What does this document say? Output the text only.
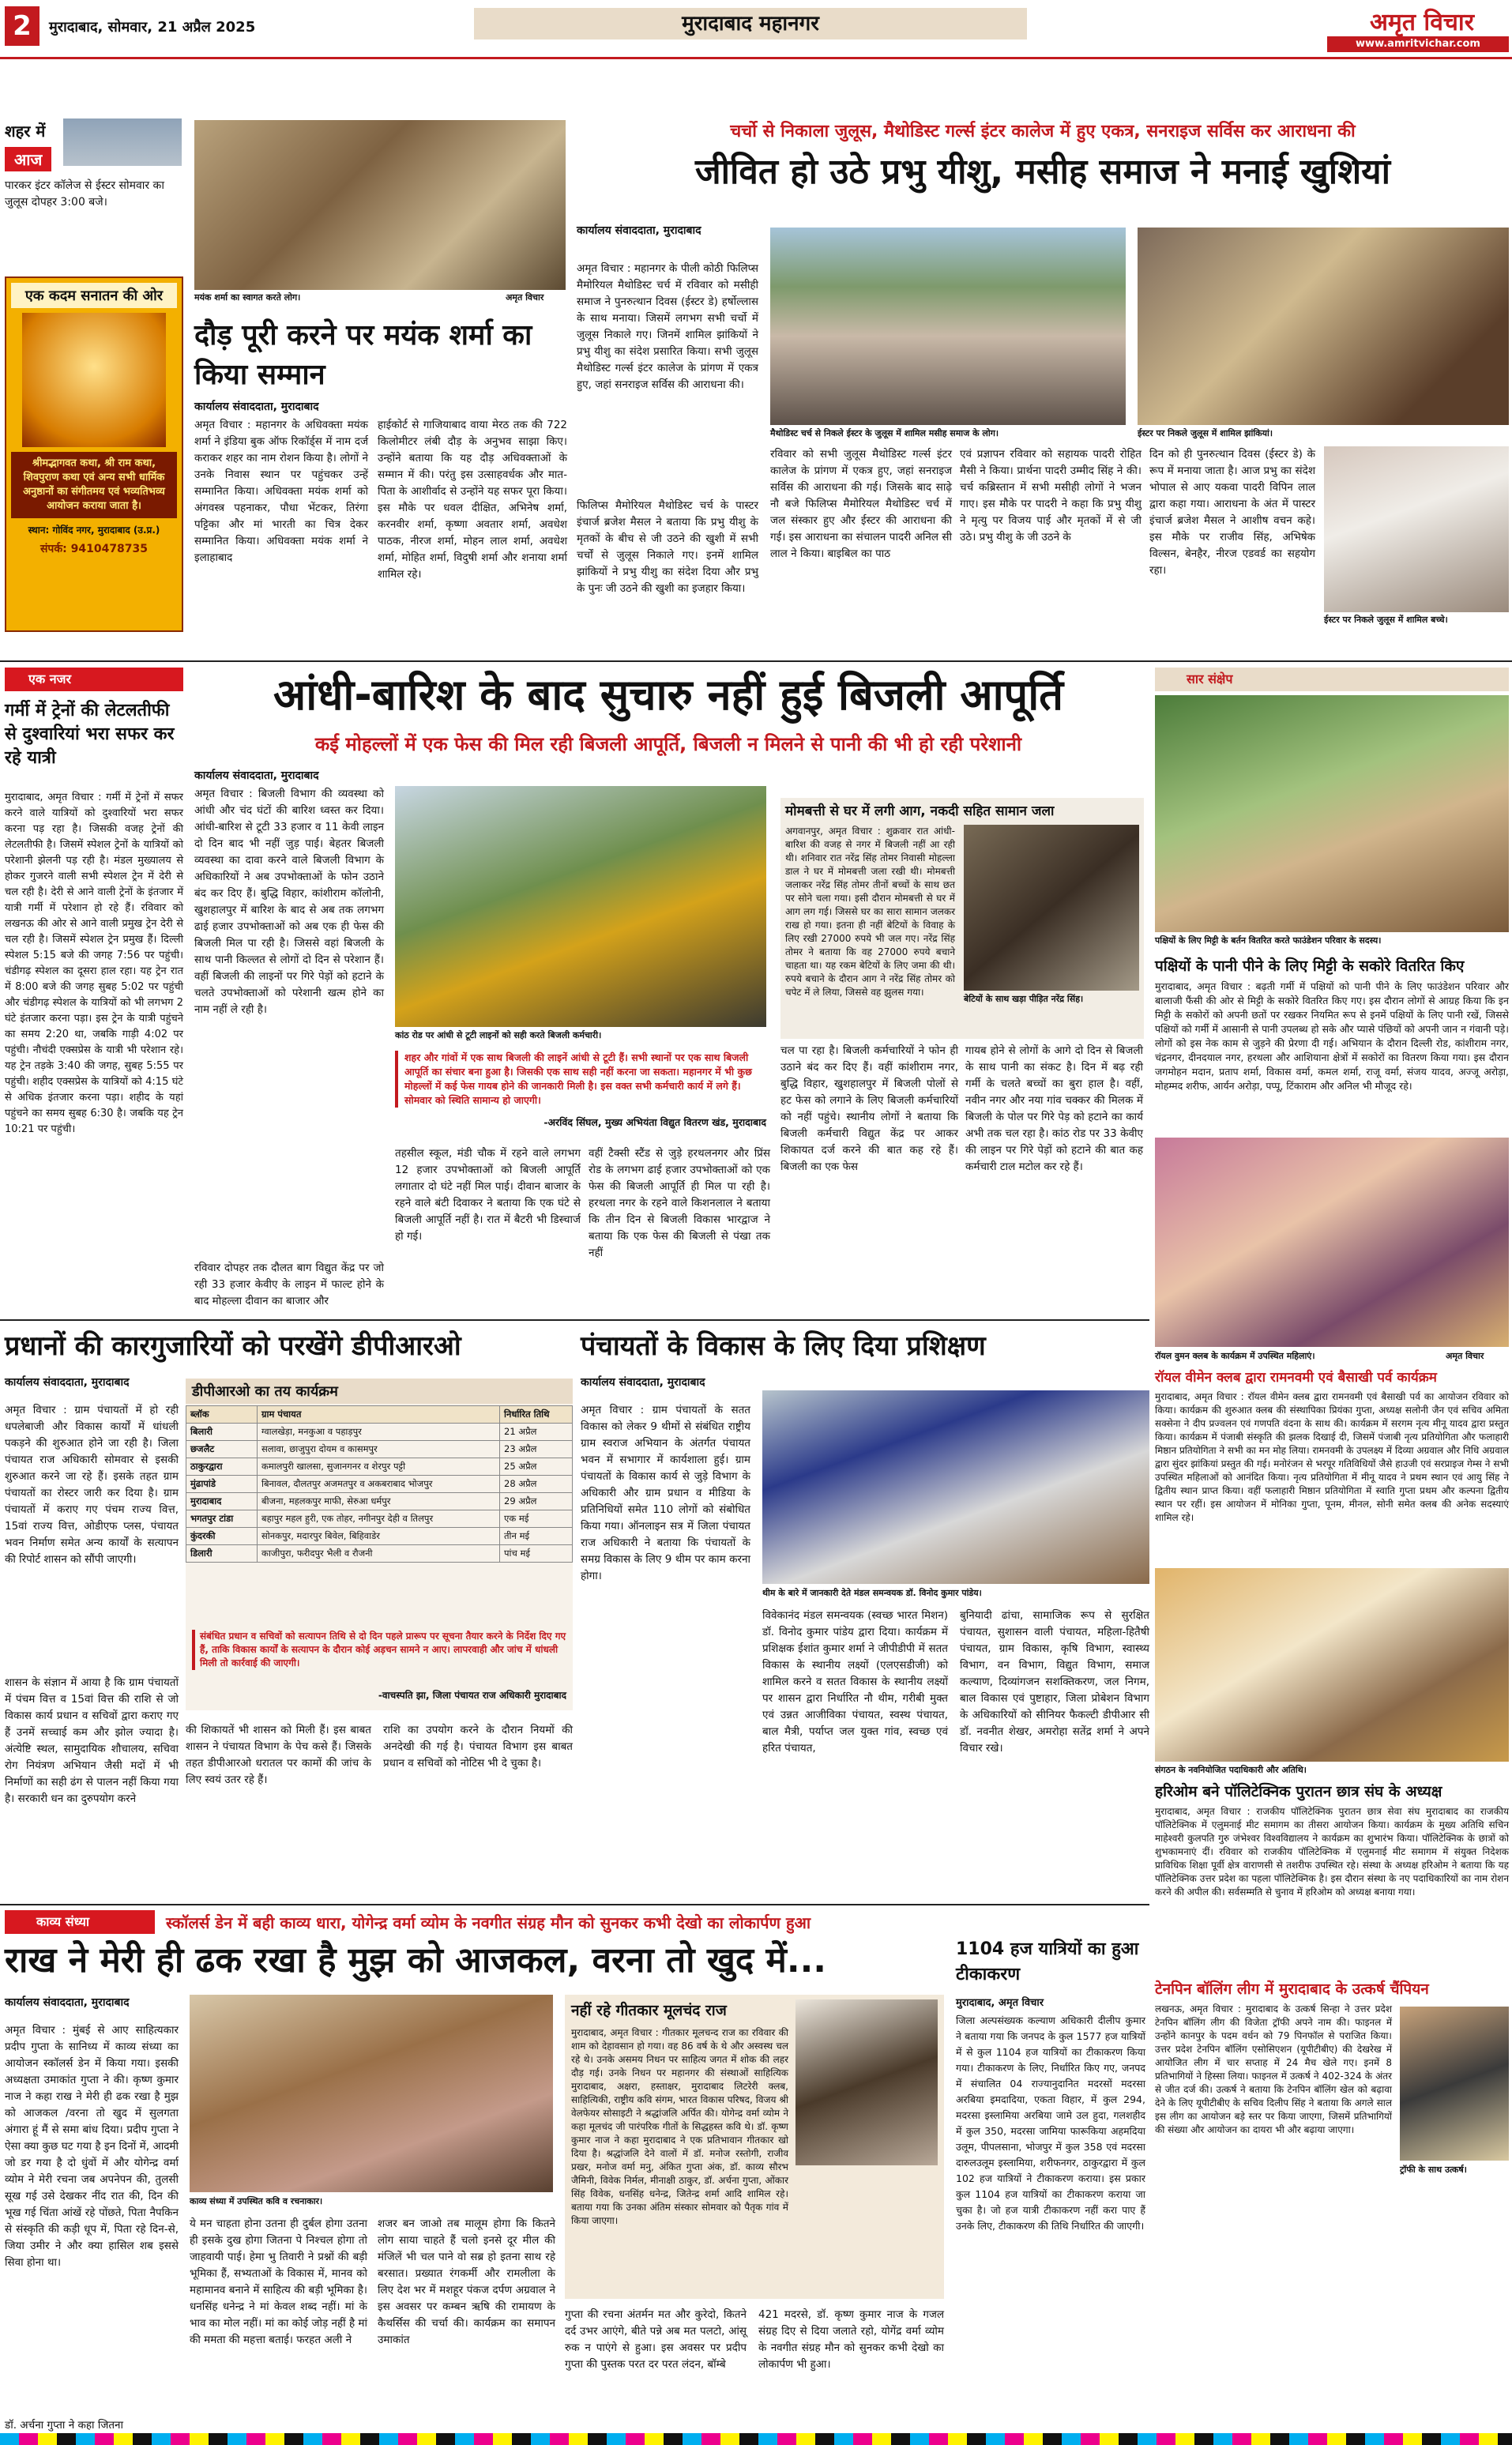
2	मुरादाबाद, सोमवार, 21 अप्रैल 2025	मुरादाबाद महानगर	अमृत विचार
www.amritvichar.com
शहर में
आज
पारकर इंटर कॉलेज से ईस्टर सोमवार का जुलूस दोपहर 3:00 बजे।
एक कदम सनातन की ओर
श्रीमद्भागवत कथा, श्री राम कथा, शिवपुराण कथा एवं अन्य सभी धार्मिक अनुष्ठानों का संगीतमय एवं भव्यतिभव्य आयोजन कराया जाता है।
स्थान: गोविंद नगर, मुरादाबाद (उ.प्र.)
संपर्क: 9410478735
मयंक शर्मा का स्वागत करते लोग।	अमृत विचार
दौड़ पूरी करने पर मयंक शर्मा का किया सम्मान
कार्यालय संवाददाता, मुरादाबाद
अमृत विचार : महानगर के अधिवक्ता मयंक शर्मा ने इंडिया बुक ऑफ रिकॉर्ड्स में नाम दर्ज कराकर शहर का नाम रोशन किया है। लोगों ने उनके निवास स्थान पर पहुंचकर उन्हें सम्मानित किया। अधिवक्ता मयंक शर्मा को अंगवस्त्र पहनाकर, पौधा भेंटकर, तिरंगा पट्टिका और मां भारती का चित्र देकर सम्मानित किया। अधिवक्ता मयंक शर्मा ने इलाहाबाद
हाईकोर्ट से गाजियाबाद वाया मेरठ तक की 722 किलोमीटर लंबी दौड़ के अनुभव साझा किए। उन्होंने बताया कि यह दौड़ अधिवक्ताओं के सम्मान में की। परंतु इस उत्साहवर्धक और मात-पिता के आशीर्वाद से उन्होंने यह सफर पूरा किया। इस मौके पर धवल दीक्षित, अभिनेष शर्मा, करनवीर शर्मा, कृष्णा अवतार शर्मा, अवधेश पाठक, नीरज शर्मा, मोहन लाल शर्मा, अवधेश शर्मा, मोहित शर्मा, विदुषी शर्मा और शनाया शर्मा शामिल रहे।
चर्चो से निकाला जुलूस, मैथोडिस्ट गर्ल्स इंटर कालेज में हुए एकत्र, सनराइज सर्विस कर आराधना की
जीवित हो उठे प्रभु यीशु, मसीह समाज ने मनाई खुशियां
कार्यालय संवाददाता, मुरादाबाद
अमृत विचार : महानगर के पीली कोठी फिलिप्स मैमोरियल मैथोडिस्ट चर्च में रविवार को मसीही समाज ने पुनरुत्थान दिवस (ईस्टर डे) हर्षोल्लास के साथ मनाया। जिसमें लगभग सभी चर्चो में जुलूस निकाले गए। जिनमें शामिल झांकियों ने प्रभु यीशु का संदेश प्रसारित किया। सभी जुलूस मैथोडिस्ट गर्ल्स इंटर कालेज के प्रांगण में एकत्र हुए, जहां सनराइज सर्विस की आराधना की।
फिलिप्स मैमोरियल मैथोडिस्ट चर्च के पास्टर इंचार्ज ब्रजेश मैसल ने बताया कि प्रभु यीशु के मृतकों के बीच से जी उठने की खुशी में सभी चर्चों से जुलूस निकाले गए। इनमें शामिल झांकियों ने प्रभु यीशु का संदेश दिया और प्रभु के पुनः जी उठने की खुशी का इजहार किया।
मैथोडिस्ट चर्च से निकले ईस्टर के जुलूस में शामिल मसीह समाज के लोग।	ईस्टर पर निकले जुलूस में शामिल झांकियां।
रविवार को सभी जुलूस मैथोडिस्ट गर्ल्स इंटर कालेज के प्रांगण में एकत्र हुए, जहां सनराइज सर्विस की आराधना की गई। जिसके बाद साढ़े नौ बजे फिलिप्स मैमोरियल मैथोडिस्ट चर्च में जल संस्कार हुए और ईस्टर की आराधना की गई। इस आराधना का संचालन पादरी अनिल सी लाल ने किया। बाइबिल का पाठ
एवं प्रज्ञापन रविवार को सहायक पादरी रोहित मैसी ने किया। प्रार्थना पादरी उम्मीद सिंह ने की। चर्च कब्रिस्तान में सभी मसीही लोगों ने भजन गाए। इस मौके पर पादरी ने कहा कि प्रभु यीशु ने मृत्यु पर विजय पाई और मृतकों में से जी उठे। प्रभु यीशु के जी उठने के
दिन को ही पुनरुत्थान दिवस (ईस्टर डे) के रूप में मनाया जाता है। आज प्रभु का संदेश भोपाल से आए यकवा पादरी विपिन लाल द्वारा कहा गया। आराधना के अंत में पास्टर इंचार्ज ब्रजेश मैसल ने आशीष वचन कहे। इस मौके पर राजीव सिंह, अभिषेक विल्सन, बेनहैर, नीरज एडवर्ड का सहयोग रहा।
ईस्टर पर निकले जुलूस में शामिल बच्चे।
एक नजर
गर्मी में ट्रेनों की लेटलतीफी से दुश्वारियां भरा सफर कर रहे यात्री
मुरादाबाद, अमृत विचार : गर्मी में ट्रेनों में सफर करने वाले यात्रियों को दुश्वारियों भरा सफर करना पड़ रहा है। जिसकी वजह ट्रेनों की लेटलतीफी है। जिसमें स्पेशल ट्रेनों के यात्रियों को परेशानी झेलनी पड़ रही है। मंडल मुख्यालय से होकर गुजरने वाली सभी स्पेशल ट्रेन में देरी से चल रही है। देरी से आने वाली ट्रेनों के इंतजार में यात्री गर्मी में परेशान हो रहे हैं। रविवार को लखनऊ की ओर से आने वाली प्रमुख ट्रेन देरी से चल रही है। जिसमें स्पेशल ट्रेन प्रमुख हैं। दिल्ली स्पेशल 5:15 बजे की जगह 7:56 पर पहुंची। चंडीगढ़ स्पेशल का दूसरा हाल रहा। यह ट्रेन रात में 8:00 बजे की जगह सुबह 5:02 पर पहुंची और चंडीगढ़ स्पेशल के यात्रियों को भी लगभग 2 घंटे इंतजार करना पड़ा। इस ट्रेन के यात्री पहुंचने का समय 2:20 था, जबकि गाड़ी 4:02 पर पहुंची। नौचंदी एक्सप्रेस के यात्री भी परेशान रहे। यह ट्रेन तड़के 3:40 की जगह, सुबह 5:55 पर पहुंची। शहीद एक्सप्रेस के यात्रियों को 4:15 घंटे से अधिक इंतजार करना पड़ा। शहीद के यहां पहुंचने का समय सुबह 6:30 है। जबकि यह ट्रेन 10:21 पर पहुंची।
आंधी-बारिश के बाद सुचारु नहीं हुई बिजली आपूर्ति
कई मोहल्लों में एक फेस की मिल रही बिजली आपूर्ति, बिजली न मिलने से पानी की भी हो रही परेशानी
कार्यालय संवाददाता, मुरादाबाद
अमृत विचार : बिजली विभाग की व्यवस्था को आंधी और चंद घंटों की बारिश ध्वस्त कर दिया। आंधी-बारिश से टूटी 33 हजार व 11 केवी लाइन दो दिन बाद भी नहीं जुड़ पाई। बेहतर बिजली व्यवस्था का दावा करने वाले बिजली विभाग के अधिकारियों ने अब उपभोक्ताओं के फोन उठाने बंद कर दिए हैं। बुद्धि विहार, कांशीराम कॉलोनी, खुशहालपुर में बारिश के बाद से अब तक लगभग ढाई हजार उपभोक्ताओं को अब एक ही फेस की बिजली मिल पा रही है। जिससे वहां बिजली के साथ पानी किल्लत से लोगों दो दिन से परेशान हैं। वहीं बिजली की लाइनों पर गिरे पेड़ों को हटाने के चलते उपभोक्ताओं को परेशानी खत्म होने का नाम नहीं ले रही है।
रविवार दोपहर तक दौलत बाग विद्युत केंद्र पर जो रही 33 हजार केवीए के लाइन में फाल्ट होने के बाद मोहल्ला दीवान का बाजार और
कांठ रोड पर आंधी से टूटी लाइनों को सही करते बिजली कर्मचारी।
शहर और गांवों में एक साथ बिजली की लाइनें आंधी से टूटी हैं। सभी स्थानों पर एक साथ बिजली आपूर्ति का संचार बना हुआ है। जिसकी एक साथ सही नहीं करना जा सकता। महानगर में भी कुछ मोहल्लों में कई फेस गायब होने की जानकारी मिली है। इस वक्त सभी कर्मचारी कार्य में लगे हैं। सोमवार को स्थिति सामान्य हो जाएगी।
-अरविंद सिंघल, मुख्य अभियंता विद्युत वितरण खंड, मुरादाबाद
तहसील स्कूल, मंडी चौक में रहने वाले लगभग 12 हजार उपभोक्ताओं को बिजली आपूर्ति लगातार दो घंटे नहीं मिल पाई। दीवान बाजार के रहने वाले बंटी दिवाकर ने बताया कि एक घंटे से बिजली आपूर्ति नहीं है। रात में बैटरी भी डिस्चार्ज हो गई।
वहीं टैक्सी स्टैंड से जुड़े हरथलनगर और प्रिंस रोड के लगभग ढाई हजार उपभोक्ताओं को एक फेस की बिजली आपूर्ति ही मिल पा रही है। हरथला नगर के रहने वाले किशनलाल ने बताया कि तीन दिन से बिजली विकास भारद्वाज ने बताया कि एक फेस की बिजली से पंखा तक नहीं
चल पा रहा है। बिजली कर्मचारियों ने फोन ही उठाने बंद कर दिए हैं। वहीं कांशीराम नगर, बुद्धि विहार, खुशहालपुर में बिजली पोलों से हट फेस को लगाने के लिए बिजली कर्मचारियों को नहीं पहुंचे। स्थानीय लोगों ने बताया कि बिजली कर्मचारी विद्युत केंद्र पर आकर शिकायत दर्ज करने की बात कह रहे हैं। बिजली का एक फेस
गायब होने से लोगों के आगे दो दिन से बिजली के साथ पानी का संकट है। दिन में बढ़ रही गर्मी के चलते बच्चों का बुरा हाल है। वहीं, नवीन नगर और नया गांव चक्कर की मिलक में बिजली के पोल पर गिरे पेड़ को हटाने का कार्य अभी तक चल रहा है। कांठ रोड पर 33 केवीए की लाइन पर गिरे पेड़ों को हटाने की बात कह कर्मचारी टाल मटोल कर रहे हैं।
मोमबत्ती से घर में लगी आग, नकदी सहित सामान जला
अगवानपुर, अमृत विचार : शुक्रवार रात आंधी-बारिश की वजह से नगर में बिजली नहीं आ रही थी। शनिवार रात नरेंद्र सिंह तोमर निवासी मोहल्ला डाल ने घर में मोमबत्ती जला रखी थी। मोमबत्ती जलाकर नरेंद्र सिंह तोमर तीनों बच्चों के साथ छत पर सोने चला गया। इसी दौरान मोमबत्ती से घर में आग लग गई। जिससे घर का सारा सामान जलकर राख हो गया। इतना ही नहीं बेटियों के विवाह के लिए रखी 27000 रुपये भी जल गए। नरेंद्र सिंह तोमर ने बताया कि वह 27000 रुपये बचाने चाहता था। यह रकम बेटियों के लिए जमा की थी। रुपये बचाने के दौरान आग ने नरेंद्र सिंह तोमर को चपेट में ले लिया, जिससे वह झुलस गया।
बेटियों के साथ खड़ा पीड़ित नरेंद्र सिंह।
सार संक्षेप
पक्षियों के लिए मिट्टी के बर्तन वितरित करते फाउंडेशन परिवार के सदस्य।
पक्षियों के पानी पीने के लिए मिट्टी के सकोरे वितरित किए
मुरादाबाद, अमृत विचार : बढ़ती गर्मी में पक्षियों को पानी पीने के लिए फाउंडेशन परिवार और बालाजी फैंसी की ओर से मिट्टी के सकोरे वितरित किए गए। इस दौरान लोगों से आग्रह किया कि इन मिट्टी के सकोरों को अपनी छतों पर रखकर नियमित रूप से इनमें पक्षियों के लिए पानी रखें, जिससे पक्षियों को गर्मी में आसानी से पानी उपलब्ध हो सके और प्यासे पंछियों को अपनी जान न गंवानी पड़े। लोगों को इस नेक काम से जुड़ने की प्रेरणा दी गई। अभियान के दौरान दिल्ली रोड, कांशीराम नगर, चंद्रनगर, दीनदयाल नगर, हरथला और आशियाना क्षेत्रों में सकोरों का वितरण किया गया। इस दौरान जगमोहन मदान, प्रताप शर्मा, विकास वर्मा, कमल शर्मा, राजू वर्मा, संजय यादव, अज्जू अरोड़ा, मोहम्मद शरीफ, आर्यन अरोड़ा, पप्पू, टिंकाराम और अनिल भी मौजूद रहे।
रॉयल वुमन क्लब के कार्यक्रम में उपस्थित महिलाएं।	अमृत विचार
रॉयल वीमेन क्लब द्वारा रामनवमी एवं बैसाखी पर्व कार्यक्रम
मुरादाबाद, अमृत विचार : रॉयल वीमेन क्लब द्वारा रामनवमी एवं बैसाखी पर्व का आयोजन रविवार को किया। कार्यक्रम की शुरुआत क्लब की संस्थापिका प्रियंका गुप्ता, अध्यक्ष सलोनी जैन एवं सचिव अमिता सक्सेना ने दीप प्रज्वलन एवं गणपति वंदना के साथ की। कार्यक्रम में सरगम नृत्य मीनू यादव द्वारा प्रस्तुत किया। कार्यक्रम में पंजाबी संस्कृति की झलक दिखाई दी, जिसमें पंजाबी नृत्य प्रतियोगिता और फलाहारी मिष्ठान प्रतियोगिता ने सभी का मन मोह लिया। रामनवमी के उपलक्ष्य में दिव्या अग्रवाल और निधि अग्रवाल द्वारा सुंदर झांकियां प्रस्तुत की गई। मनोरंजन से भरपूर गतिविधियों जैसे हाउजी एवं सरप्राइज गेम्स ने सभी उपस्थित महिलाओं को आनंदित किया। नृत्य प्रतियोगिता में मीनू यादव ने प्रथम स्थान एवं आयु सिंह ने द्वितीय स्थान प्राप्त किया। वहीं फलाहारी मिष्ठान प्रतियोगिता में स्वाति गुप्ता प्रथम और कल्पना द्वितीय स्थान पर रहीं। इस आयोजन में मोनिका गुप्ता, पूनम, मीनल, सोनी समेत क्लब की अनेक सदस्याएं शामिल रहे।
संगठन के नवनियोजित पदाधिकारी और अतिथि।
हरिओम बने पॉलिटेक्निक पुरातन छात्र संघ के अध्यक्ष
मुरादाबाद, अमृत विचार : राजकीय पॉलिटेक्निक पुरातन छात्र सेवा संघ मुरादाबाद का राजकीय पॉलिटेक्निक में एलुमनाई मीट समागम का तीसरा आयोजन किया। कार्यक्रम के मुख्य अतिथि सचिन माहेश्वरी कुलपति गुरु जंभेश्वर विश्वविद्यालय ने कार्यक्रम का शुभारंभ किया। पॉलिटेक्निक के छात्रों को शुभकामनाएं दीं। रविवार को राजकीय पॉलिटेक्निक में एलुमनाई मीट समागम में संयुक्त निदेशक प्राविधिक शिक्षा पूर्वी क्षेत्र वाराणसी से तशरीफ उपस्थित रहे। संस्था के अध्यक्ष हरिओम ने बताया कि यह पॉलिटेक्निक उत्तर प्रदेश का पहला पॉलिटेक्निक है। इस दौरान संस्था के नए पदाधिकारियों का नाम रोशन करने की अपील की। सर्वसम्मति से चुनाव में हरिओम को अध्यक्ष बनाया गया।
टेनपिन बॉलिंग लीग में मुरादाबाद के उत्कर्ष चैंपियन
लखनऊ, अमृत विचार : मुरादाबाद के उत्कर्ष सिन्हा ने उत्तर प्रदेश टेनपिन बॉलिंग लीग की विजेता ट्रॉफी अपने नाम की। फाइनल में उन्होंने कानपुर के पदम वर्धन को 79 पिनफॉल से पराजित किया। उत्तर प्रदेश टेनपिन बॉलिंग एसोसिएशन (यूपीटीबीए) की देखरेख में आयोजित लीग में चार सप्ताह में 24 मैच खेले गए। इनमें 8 प्रतिभागियों ने हिस्सा लिया। फाइनल में उत्कर्ष ने 402-324 के अंतर से जीत दर्ज की। उत्कर्ष ने बताया कि टेनपिन बॉलिंग खेल को बढ़ावा देने के लिए यूपीटीबीए के सचिव दिलीप सिंह ने बताया कि अगले साल इस लीग का आयोजन बड़े स्तर पर किया जाएगा, जिसमें प्रतिभागियों की संख्या और आयोजन का दायरा भी और बढ़ाया जाएगा।
ट्रॉफी के साथ उत्कर्ष।
प्रधानों की कारगुजारियों को परखेंगे डीपीआरओ
कार्यालय संवाददाता, मुरादाबाद
अमृत विचार : ग्राम पंचायतों में हो रही धपलेबाजी और विकास कार्यों में धांधली पकड़ने की शुरुआत होने जा रही है। जिला पंचायत राज अधिकारी सोमवार से इसकी शुरुआत करने जा रहे हैं। इसके तहत ग्राम पंचायतों का रोस्टर जारी कर दिया है। ग्राम पंचायतों में कराए गए पंचम राज्य वित्त, 15वां राज्य वित्त, ओडीएफ प्लस, पंचायत भवन निर्माण समेत अन्य कार्यों के सत्यापन की रिपोर्ट शासन को सौंपी जाएगी।
शासन के संज्ञान में आया है कि ग्राम पंचायतों में पंचम वित्त व 15वां वित्त की राशि से जो विकास कार्य प्रधान व सचिवों द्वारा कराए गए हैं उनमें सच्चाई कम और झोल ज्यादा है। अंत्येष्टि स्थल, सामुदायिक शौचालय, सचिवा रोग नियंत्रण अभियान जैसी मदों में भी निर्माणों का सही ढंग से पालन नहीं किया गया है। सरकारी धन का दुरुपयोग करने
डीपीआरओ का तय कार्यक्रम
ब्लॉक	ग्राम पंचायत	निर्धारित तिथि
बिलारी	ग्वालखेड़ा, मनकुआ व पहाड़पुर	21 अप्रैल
छजलैट	सलावा, छाजुपुरा दोयम व कासमपुर	23 अप्रैल
ठाकुरद्वारा	कमालपुरी खालसा, सुजानगनर व शेरपुर पट्टी	25 अप्रैल
मुंढापांडे	बिनावल, दौलतपुर अजमतपुर व अकबराबाद भोजपुर	28 अप्रैल
मुरादाबाद	बीजना, महलकपुर माफी, सेरुआ धर्मपुर	29 अप्रैल
भगतपुर टांडा	बहापुर महल हुरी, एक तोहर, नगीनपुर देही व तिलपुर	एक मई
कुंदरकी	सोनकपुर, मदारपुर बिवेल, बिहिवाडेर	तीन मई
डिलारी	काजीपुरा, फरीदपुर भैली व रौजनी	पांच मई
संबंधित प्रधान व सचिवों को सत्यापन तिथि से दो दिन पहले प्रारूप पर सूचना तैयार करने के निर्देश दिए गए हैं, ताकि विकास कार्यों के सत्यापन के दौरान कोई अड़चन सामने न आए। लापरवाही और जांच में धांधली मिली तो कार्रवाई की जाएगी।
-वाचस्पति झा, जिला पंचायत राज अधिकारी मुरादाबाद
की शिकायतें भी शासन को मिली हैं। इस बाबत शासन ने पंचायत विभाग के पेच कसे हैं। जिसके तहत डीपीआरओ धरातल पर कामों की जांच के लिए स्वयं उतर रहे हैं।
राशि का उपयोग करने के दौरान नियमों की अनदेखी की गई है। पंचायत विभाग इस बाबत प्रधान व सचिवों को नोटिस भी दे चुका है।
पंचायतों के विकास के लिए दिया प्रशिक्षण
कार्यालय संवाददाता, मुरादाबाद
अमृत विचार : ग्राम पंचायतों के सतत विकास को लेकर 9 थीमों से संबंधित राष्ट्रीय ग्राम स्वराज अभियान के अंतर्गत पंचायत भवन में सभागार में कार्यशाला हुई। ग्राम पंचायतों के विकास कार्य से जुड़े विभाग के अधिकारी और ग्राम प्रधान व मीडिया के प्रतिनिधियों समेत 110 लोगों को संबोधित किया गया। ऑनलाइन सत्र में जिला पंचायत राज अधिकारी ने बताया कि पंचायतों के समग्र विकास के लिए 9 थीम पर काम करना होगा।
थीम के बारे में जानकारी देते मंडल समन्वयक डॉ. विनोद कुमार पांडेय।
विवेकानंद मंडल समन्वयक (स्वच्छ भारत मिशन) डॉ. विनोद कुमार पांडेय द्वारा दिया। कार्यक्रम में प्रशिक्षक ईशांत कुमार शर्मा ने जीपीडीपी में सतत विकास के स्थानीय लक्ष्यों (एलएसडीजी) को शामिल करने व सतत विकास के स्थानीय लक्ष्यों पर शासन द्वारा निर्धारित नौ थीम, गरीबी मुक्त एवं उन्नत आजीविका पंचायत, स्वस्थ पंचायत, बाल मैत्री, पर्याप्त जल युक्त गांव, स्वच्छ एवं हरित पंचायत,
बुनियादी ढांचा, सामाजिक रूप से सुरक्षित पंचायत, सुशासन वाली पंचायत, महिला-हितैषी पंचायत, ग्राम विकास, कृषि विभाग, स्वास्थ्य विभाग, वन विभाग, विद्युत विभाग, समाज कल्याण, दिव्यांगजन सशक्तिकरण, जल निगम, बाल विकास एवं पुष्टाहार, जिला प्रोबेशन विभाग के अधिकारियों को सीनियर फैकल्टी डीपीआर सी डॉ. नवनीत शेखर, अमरोहा सतेंद्र शर्मा ने अपने विचार रखे।
काव्य संध्या	स्कॉलर्स डेन में बही काव्य धारा, योगेन्द्र वर्मा व्योम के नवगीत संग्रह मौन को सुनकर कभी देखो का लोकार्पण हुआ
राख ने मेरी ही ढक रखा है मुझ को आजकल, वरना तो खुद में...
कार्यालय संवाददाता, मुरादाबाद
अमृत विचार : मुंबई से आए साहित्यकार प्रदीप गुप्ता के सानिध्य में काव्य संध्या का आयोजन स्कॉलर्स डेन में किया गया। इसकी अध्यक्षता उमाकांत गुप्ता ने की। कृष्ण कुमार नाज ने कहा राख ने मेरी ही ढक रखा है मुझ को आजकल /वरना तो खुद में सुलगता अंगारा हूं मैं से समा बांध दिया। प्रदीप गुप्ता ने ऐसा क्या कुछ घट गया है इन दिनों में, आदमी जो डर गया है दो धुंवों में और योगेन्द्र वर्मा व्योम ने मेरी रचना जब अपनेपन की, तुलसी सूख गई उसे देखकर नींद रात की, दिन की भूख गई चिंता आंखें रहे पोंछते, पिता नैपकिन से संस्कृति की कड़ी धूप में, पिता रहे दिन-से, जिया उमीर ने और क्या हासिल शब इससे सिवा होना था।
डॉ. अर्चना गुप्ता ने कहा जितना
काव्य संध्या में उपस्थित कवि व रचनाकार।
ये मन चाहता होना उतना ही दुर्बल होगा उतना ही इसके दुख होगा जितना पे निश्चल होगा तो जाहवायी पाई। हेमा भु तिवारी ने प्रश्नों की बड़ी भूमिका हैं, सभ्यताओं के विकास में, मानव को महामानव बनाने में साहित्य की बड़ी भूमिका है। धनसिंह धनेन्द्र ने मां केवल शब्द नहीं। मां के भाव का मोल नहीं। मां का कोई जोड़ नहीं है मां की ममता की महत्ता बताई। फरहत अली ने
शजर बन जाओ तब मालूम होगा कि कितने लोग साया चाहते हैं चलो इनसे दूर मील की मंजिलें भी चल पाने वो सब्र हो इतना साथ रहे बरसात। प्रख्यात रंगकर्मी और रामलीला के लिए देश भर में मशहूर पंकज दर्पण अग्रवाल ने इस अवसर पर कम्बन ऋषि की रामायण के कैथर्सिस की चर्चा की। कार्यक्रम का समापन उमाकांत
नहीं रहे गीतकार मूलचंद राज
मुरादाबाद, अमृत विचार : गीतकार मूलचन्द राज का रविवार की शाम को देहावसान हो गया। वह 86 वर्ष के थे और अस्वस्थ चल रहे थे। उनके असमय निधन पर साहित्य जगत में शोक की लहर दौड़ गई। उनके निधन पर महानगर की संस्थाओं साहित्यिक मुरादाबाद, अक्षरा, हस्ताक्षर, मुरादाबाद लिटरेरी क्लब, साहित्यिकी, राष्ट्रीय कवि संगम, भारत विकास परिषद, विजय श्री वेलफेयर सोसाइटी ने श्रद्धांजलि अर्पित की। योगेन्द्र वर्मा व्योम ने कहा मूलचंद जी पारंपरिक गीतों के सिद्धहस्त कवि थे। डॉ. कृष्ण कुमार नाज ने कहा मुरादाबाद ने एक प्रतिभावान गीतकार खो दिया है। श्रद्धांजलि देने वालों में डॉ. मनोज रस्तोगी, राजीव प्रखर, मनोज वर्मा मनु, अंकित गुप्ता अंक, डॉ. काव्य सौरभ जैमिनी, विवेक निर्मल, मीनाक्षी ठाकुर, डॉ. अर्चना गुप्ता, ओंकार सिंह विवेक, धनसिंह धनेन्द्र, जितेन्द्र शर्मा आदि शामिल रहे। बताया गया कि उनका अंतिम संस्कार सोमवार को पैतृक गांव में किया जाएगा।
गुप्ता की रचना अंतर्मन मत और कुरेदो, कितने दर्द उभर आएंगे, बीते पन्ने अब मत पलटो, आंसू रुक न पाएंगे से हुआ। इस अवसर पर प्रदीप गुप्ता की पुस्तक परत दर परत लंदन, बॉम्बे
421 मदरसे, डॉ. कृष्ण कुमार नाज के गजल संग्रह दिए से दिया जलाते रहो, योगेंद्र वर्मा व्योम के नवगीत संग्रह मौन को सुनकर कभी देखो का लोकार्पण भी हुआ।
1104 हज यात्रियों का हुआ टीकाकरण
मुरादाबाद, अमृत विचार
जिला अल्पसंख्यक कल्याण अधिकारी दीलीप कुमार ने बताया गया कि जनपद के कुल 1577 हज यात्रियों में से कुल 1104 हज यात्रियों का टीकाकरण किया गया। टीकाकरण के लिए, निर्धारित किए गए, जनपद में संचालित 04 राज्यानुदानित मदरसों मदरसा अरबिया इमदादिया, एकता विहार, में कुल 294, मदरसा इस्लामिया अरबिया जामे उल हुदा, गलशहीद में कुल 350, मदरसा जामिया फारूकिया अहमदिया उलूम, पीपलसाना, भोजपुर में कुल 358 एवं मदरसा दारुलउलूम इस्लामिया, शरीफनगर, ठाकुरद्वारा में कुल 102 हज यात्रियों ने टीकाकरण कराया। इस प्रकार कुल 1104 हज यात्रियों का टीकाकरण कराया जा चुका है। जो हज यात्री टीकाकरण नहीं करा पाए हैं उनके लिए, टीकाकरण की तिथि निर्धारित की जाएगी।
